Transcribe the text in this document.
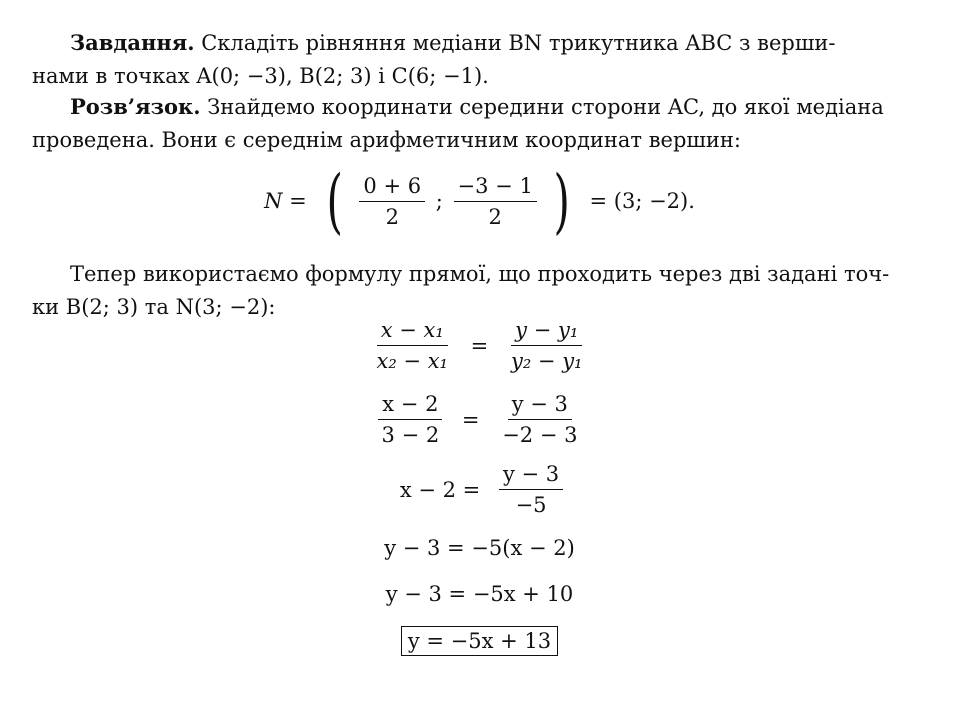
Завдання. Складіть рівняння медіани BN трикутника ABC з верши-
нами в точках A(0; −3), B(2; 3) і C(6; −1).
Розв’язок. Знайдемо координати середини сторони AC, до якої медіана
проведена. Вони є середнім арифметичним координат вершин:
N = ( $\frac{0 + 6}{2}$ ; $\frac{-3 - 1}{2}$ ) = (3; −2).
Тепер використаємо формулу прямої, що проходить через дві задані точ-
ки B(2; 3) та N(3; −2):
$\frac{\text{x − x₁}}{\text{x₂ − x₁}} = \frac{\text{y − y₁}}{\text{y₂ − y₁}}$
$\frac{x - 2}{3 - 2} = \frac{y - 3}{-2 - 3}$
$x - 2 = \frac{y - 3}{-5}$
y − 3 = −5(x − 2)
y − 3 = −5x + 10
y = −5x + 13
